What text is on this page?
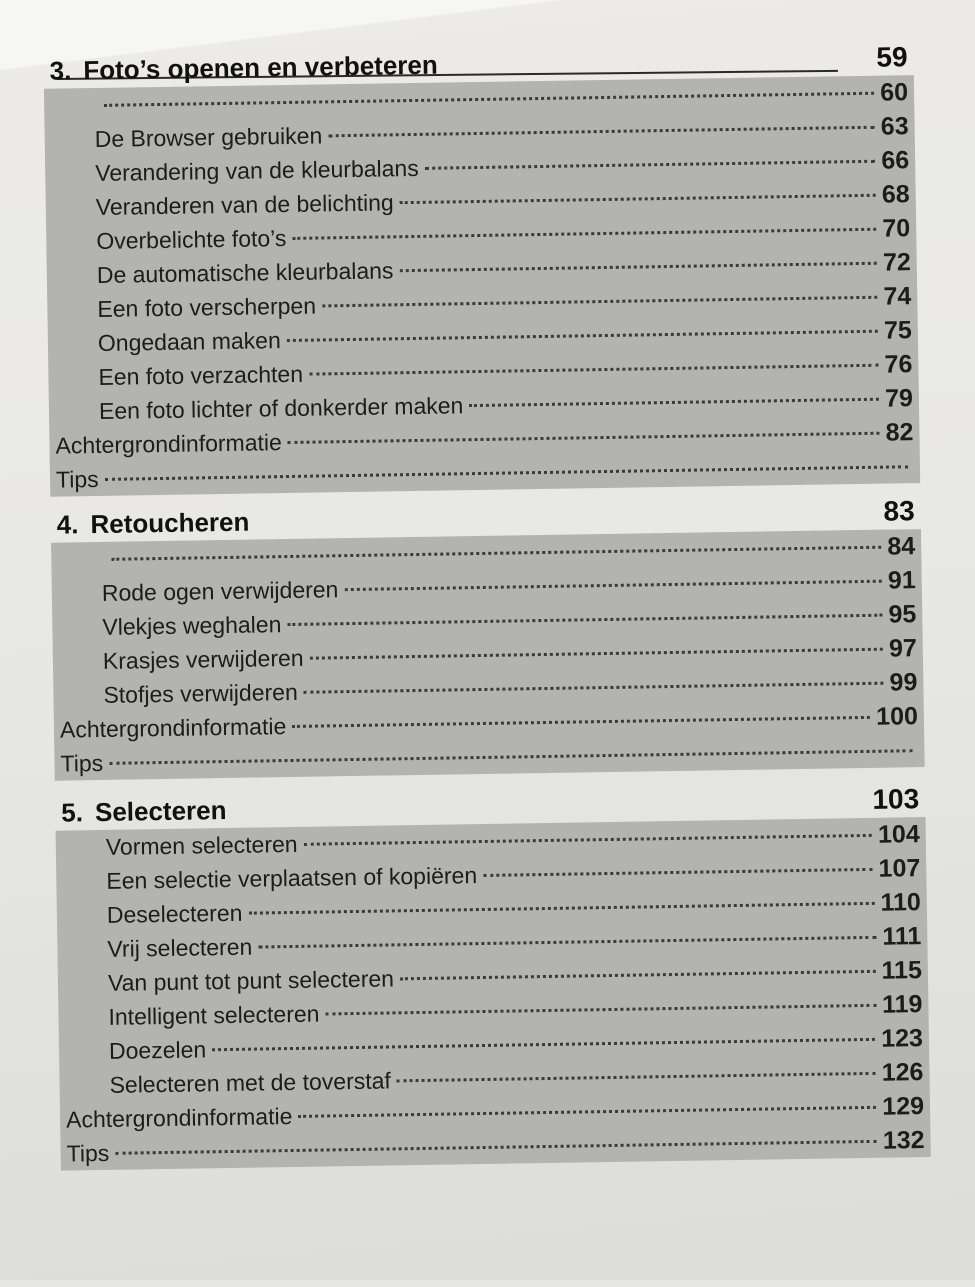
3. Foto’s openen en verbeteren	59
60
De Browser gebruiken	63
Verandering van de kleurbalans	66
Veranderen van de belichting	68
Overbelichte foto’s	70
De automatische kleurbalans	72
Een foto verscherpen	74
Ongedaan maken	75
Een foto verzachten	76
Een foto lichter of donkerder maken	79
Achtergrondinformatie	82
Tips
4. Retoucheren	83
84
Rode ogen verwijderen	91
Vlekjes weghalen	95
Krasjes verwijderen	97
Stofjes verwijderen	99
Achtergrondinformatie	100
Tips
5. Selecteren	103
Vormen selecteren	104
Een selectie verplaatsen of kopiëren	107
Deselecteren	110
Vrij selecteren	111
Van punt tot punt selecteren	115
Intelligent selecteren	119
Doezelen	123
Selecteren met de toverstaf	126
Achtergrondinformatie	129
Tips	132
